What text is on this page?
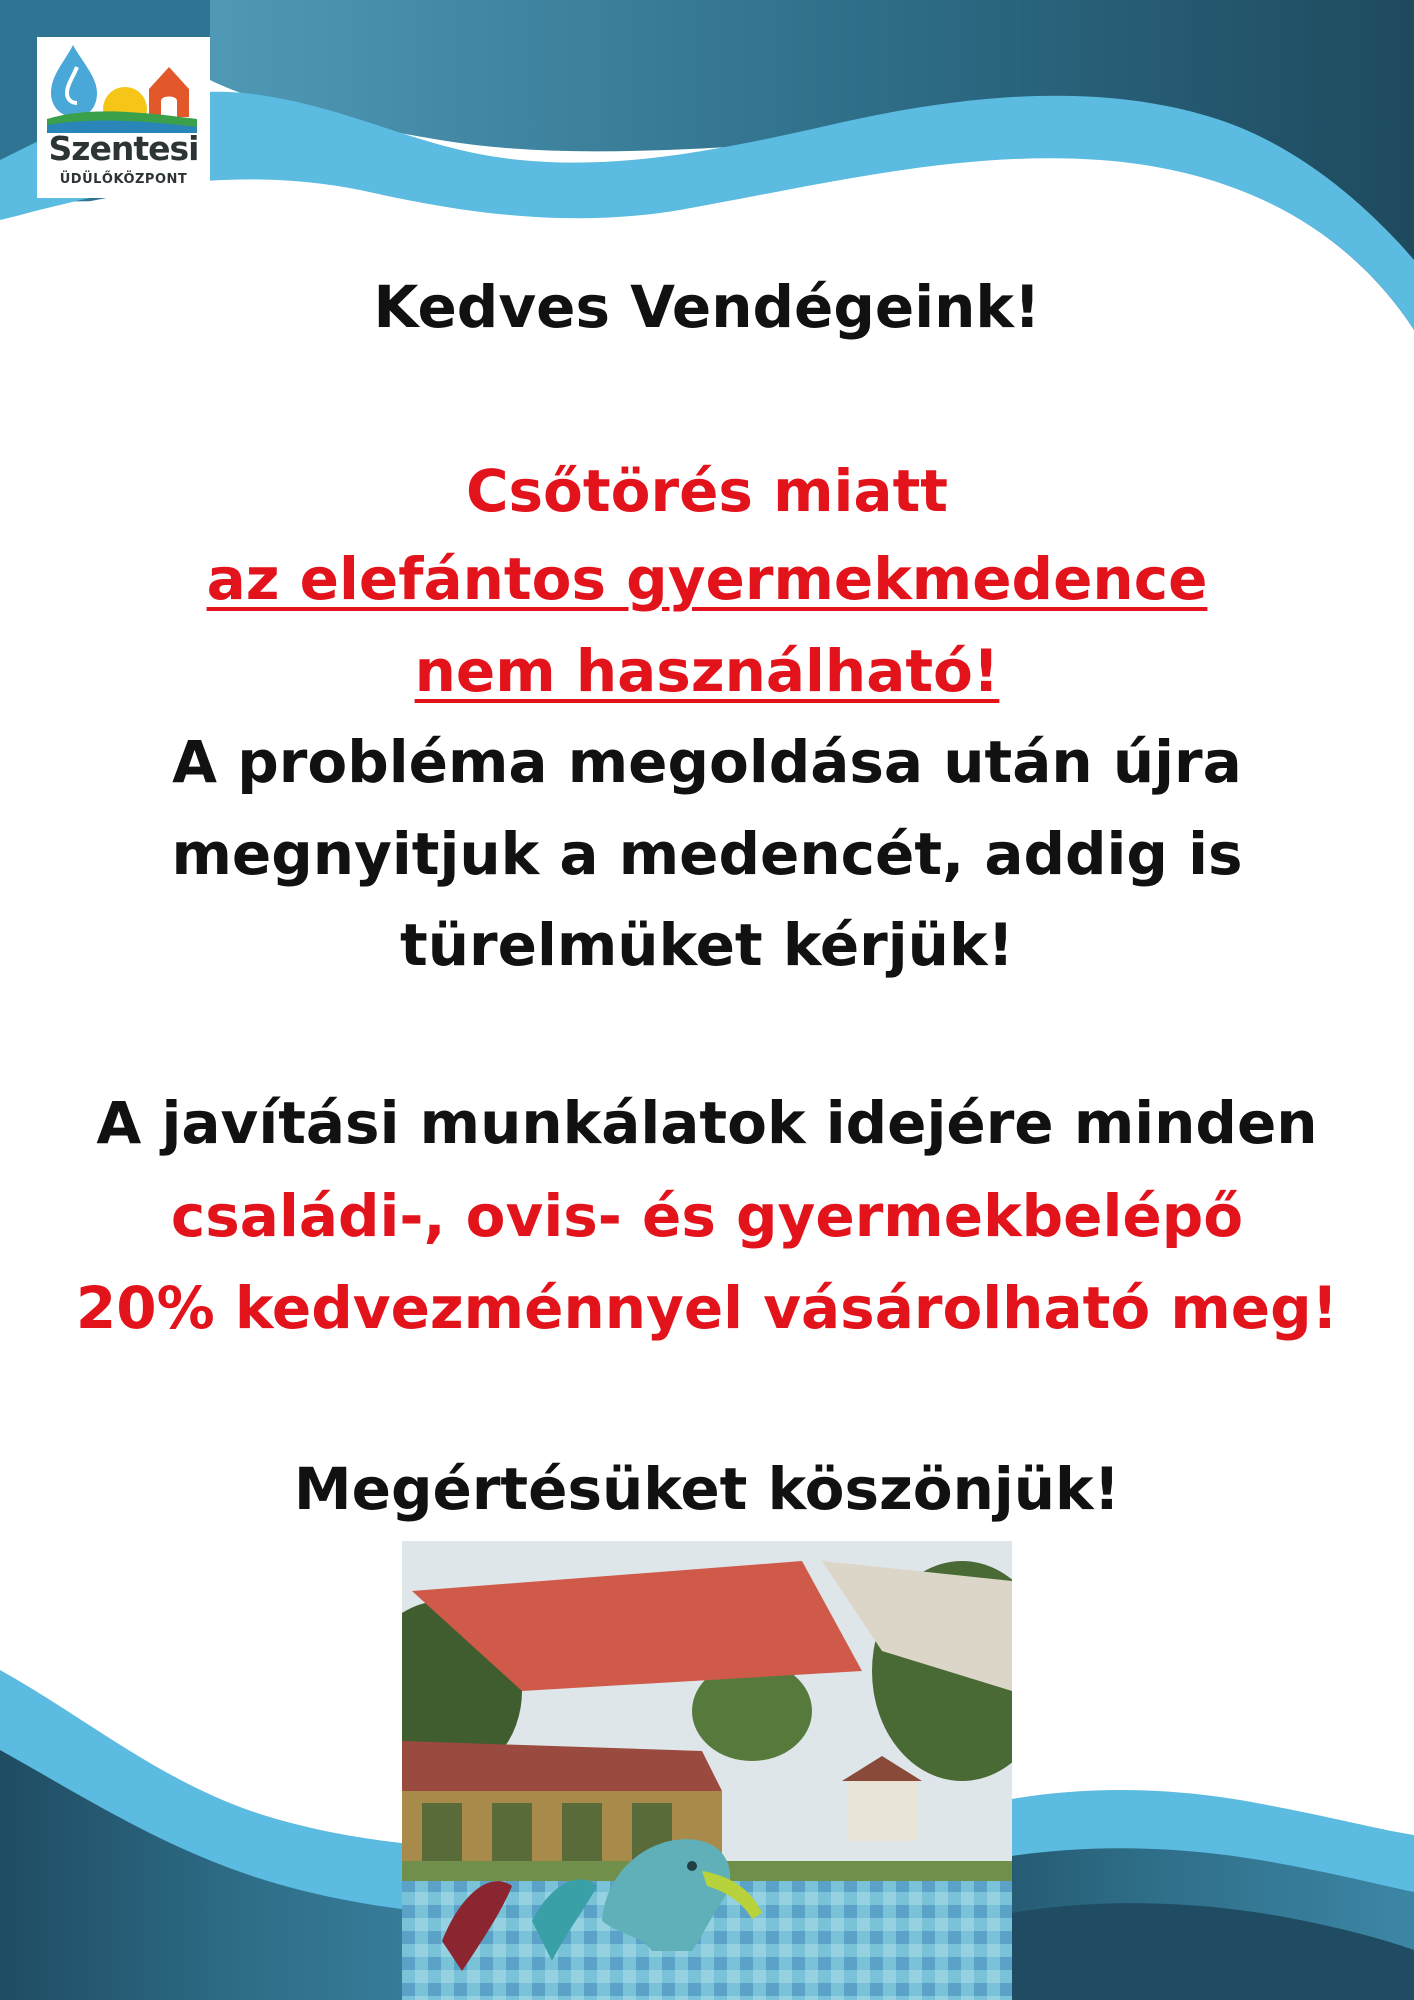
Szentesi
ÜDÜLŐKÖZPONT
Kedves Vendégeink!
Csőtörés miatt
az elefántos gyermekmedence
nem használható!
A probléma megoldása után újra
megnyitjuk a medencét, addig is
türelmüket kérjük!
A javítási munkálatok idejére minden
családi-, ovis- és gyermekbelépő
20% kedvezménnyel vásárolható meg!
Megértésüket köszönjük!
